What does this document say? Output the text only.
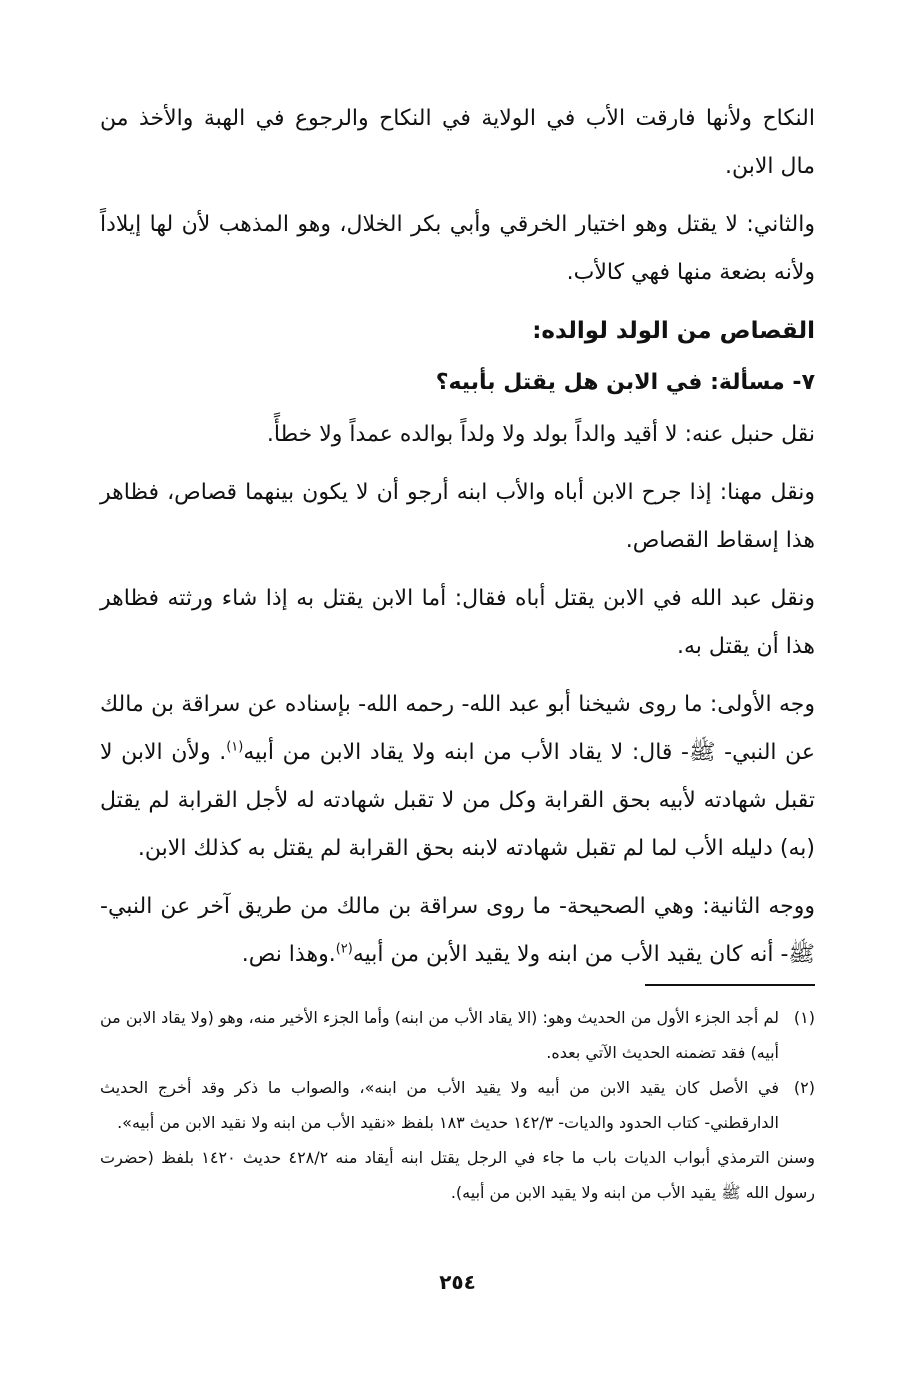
النكاح ولأنها فارقت الأب في الولاية في النكاح والرجوع في الهبة والأخذ من مال الابن.

والثاني: لا يقتل وهو اختيار الخرقي وأبي بكر الخلال، وهو المذهب لأن لها إيلاداً ولأنه بضعة منها فهي كالأب.

القصاص من الولد لوالده:

٧- مسألة: في الابن هل يقتل بأبيه؟

نقل حنبل عنه: لا أقيد والداً بولد ولا ولداً بوالده عمداً ولا خطأً.

ونقل مهنا: إذا جرح الابن أباه والأب ابنه أرجو أن لا يكون بينهما قصاص، فظاهر هذا إسقاط القصاص.

ونقل عبد الله في الابن يقتل أباه فقال: أما الابن يقتل به إذا شاء ورثته فظاهر هذا أن يقتل به.

وجه الأولى: ما روى شيخنا أبو عبد الله- رحمه الله- بإسناده عن سراقة بن مالك عن النبي- ﷺ- قال: لا يقاد الأب من ابنه ولا يقاد الابن من أبيه$^{(١)}$. ولأن الابن لا تقبل شهادته لأبيه بحق القرابة وكل من لا تقبل شهادته له لأجل القرابة لم يقتل (به) دليله الأب لما لم تقبل شهادته لابنه بحق القرابة لم يقتل به كذلك الابن.

ووجه الثانية: وهي الصحيحة- ما روى سراقة بن مالك من طريق آخر عن النبي- ﷺ- أنه كان يقيد الأب من ابنه ولا يقيد الأبن من أبيه$^{(٢)}$.وهذا نص.

(١)
لم أجد الجزء الأول من الحديث وهو: (الا يقاد الأب من ابنه) وأما الجزء الأخير منه، وهو (ولا يقاد الابن من أبيه) فقد تضمنه الحديث الآتي بعده.
(٢)
في الأصل كان يقيد الابن من أبيه ولا يقيد الأب من ابنه»، والصواب ما ذكر وقد أخرج الحديث الدارقطني- كتاب الحدود والديات- ١٤٢/٣ حديث ١٨٣ بلفظ «نقيد الأب من ابنه ولا نقيد الابن من أبيه».

وسنن الترمذي أبواب الديات باب ما جاء في الرجل يقتل ابنه أيقاد منه ٤٢٨/٢ حديث ١٤٢٠ بلفظ (حضرت رسول الله ﷺ يقيد الأب من ابنه ولا يقيد الابن من أبيه).

٢٥٤
